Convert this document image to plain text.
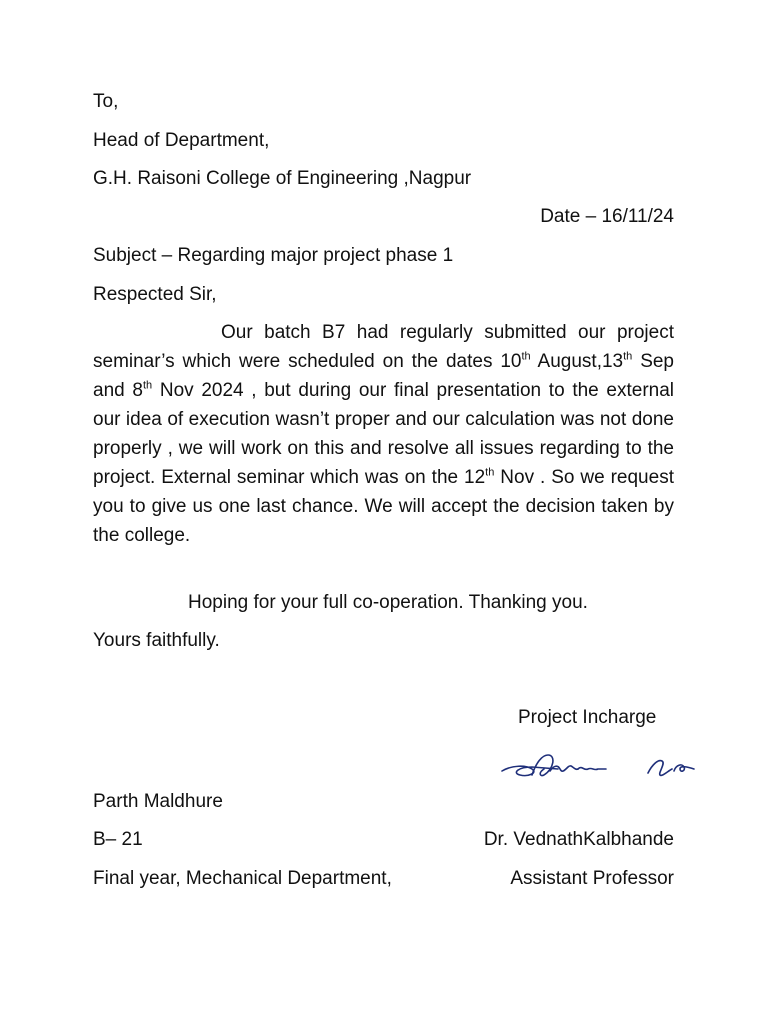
To,
Head of Department,
G.H. Raisoni College of Engineering ,Nagpur
Date – 16/11/24
Subject – Regarding major project phase 1
Respected Sir,
Our batch B7 had regularly submitted our project seminar’s which were scheduled on the dates 10th August,13th Sep and 8th Nov 2024 , but during our final presentation to the external our idea of execution wasn’t proper and our calculation was not done properly , we will work on this and resolve all issues regarding to the project. External seminar which was on the 12th Nov . So we request you to give us one last chance. We will accept the decision taken by the college.
Hoping for your full co-operation. Thanking you.
Yours faithfully.
Project Incharge
Parth Maldhure
B– 21
Final year, Mechanical Department,
Dr. VednathKalbhande
Assistant Professor
